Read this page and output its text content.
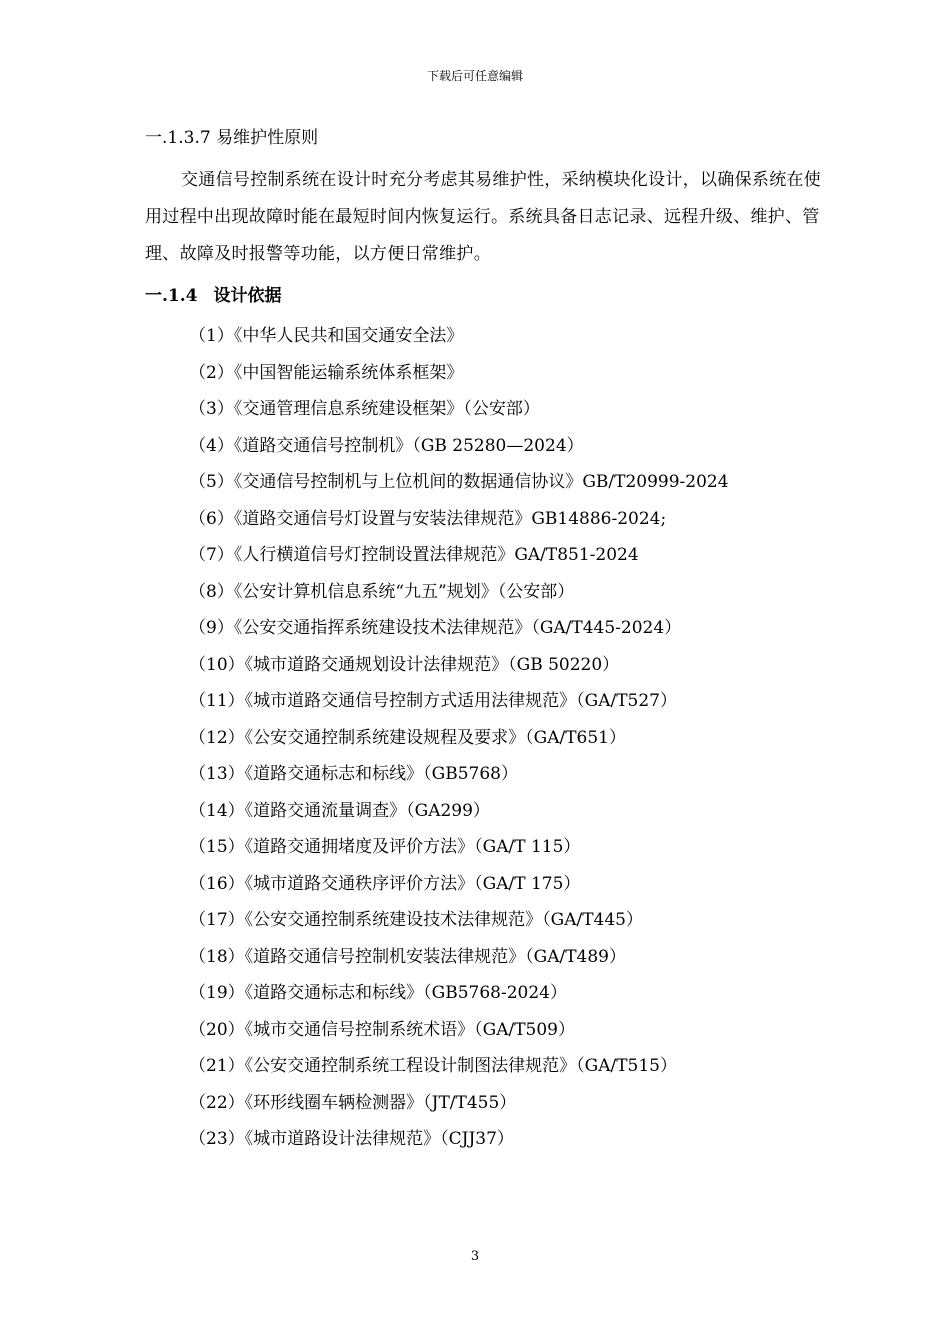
下载后可任意编辑
一.1.3.7 易维护性原则

交通信号控制系统在设计时充分考虑其易维护性，采纳模块化设计，以确保系统在使用过程中出现故障时能在最短时间内恢复运行。系统具备日志记录、远程升级、维护、管理、故障及时报警等功能，以方便日常维护。

一.1.4 设计依据
（1）《中华人民共和国交通安全法》
（2）《中国智能运输系统体系框架》
（3）《交通管理信息系统建设框架》（公安部）
（4）《道路交通信号控制机》（GB 25280—2024）
（5）《交通信号控制机与上位机间的数据通信协议》GB/T20999-2024
（6）《道路交通信号灯设置与安装法律规范》GB14886-2024;
（7）《人行横道信号灯控制设置法律规范》GA/T851-2024
（8）《公安计算机信息系统“九五”规划》（公安部）
（9）《公安交通指挥系统建设技术法律规范》（GA/T445-2024）
（10）《城市道路交通规划设计法律规范》（GB 50220）
（11）《城市道路交通信号控制方式适用法律规范》（GA/T527）
（12）《公安交通控制系统建设规程及要求》（GA/T651）
（13）《道路交通标志和标线》（GB5768）
（14）《道路交通流量调查》（GA299）
（15）《道路交通拥堵度及评价方法》（GA/T 115）
（16）《城市道路交通秩序评价方法》（GA/T 175）
（17）《公安交通控制系统建设技术法律规范》（GA/T445）
（18）《道路交通信号控制机安装法律规范》（GA/T489）
（19）《道路交通标志和标线》（GB5768-2024）
（20）《城市交通信号控制系统术语》（GA/T509）
（21）《公安交通控制系统工程设计制图法律规范》（GA/T515）
（22）《环形线圈车辆检测器》（JT/T455）
（23）《城市道路设计法律规范》（CJJ37）
3
